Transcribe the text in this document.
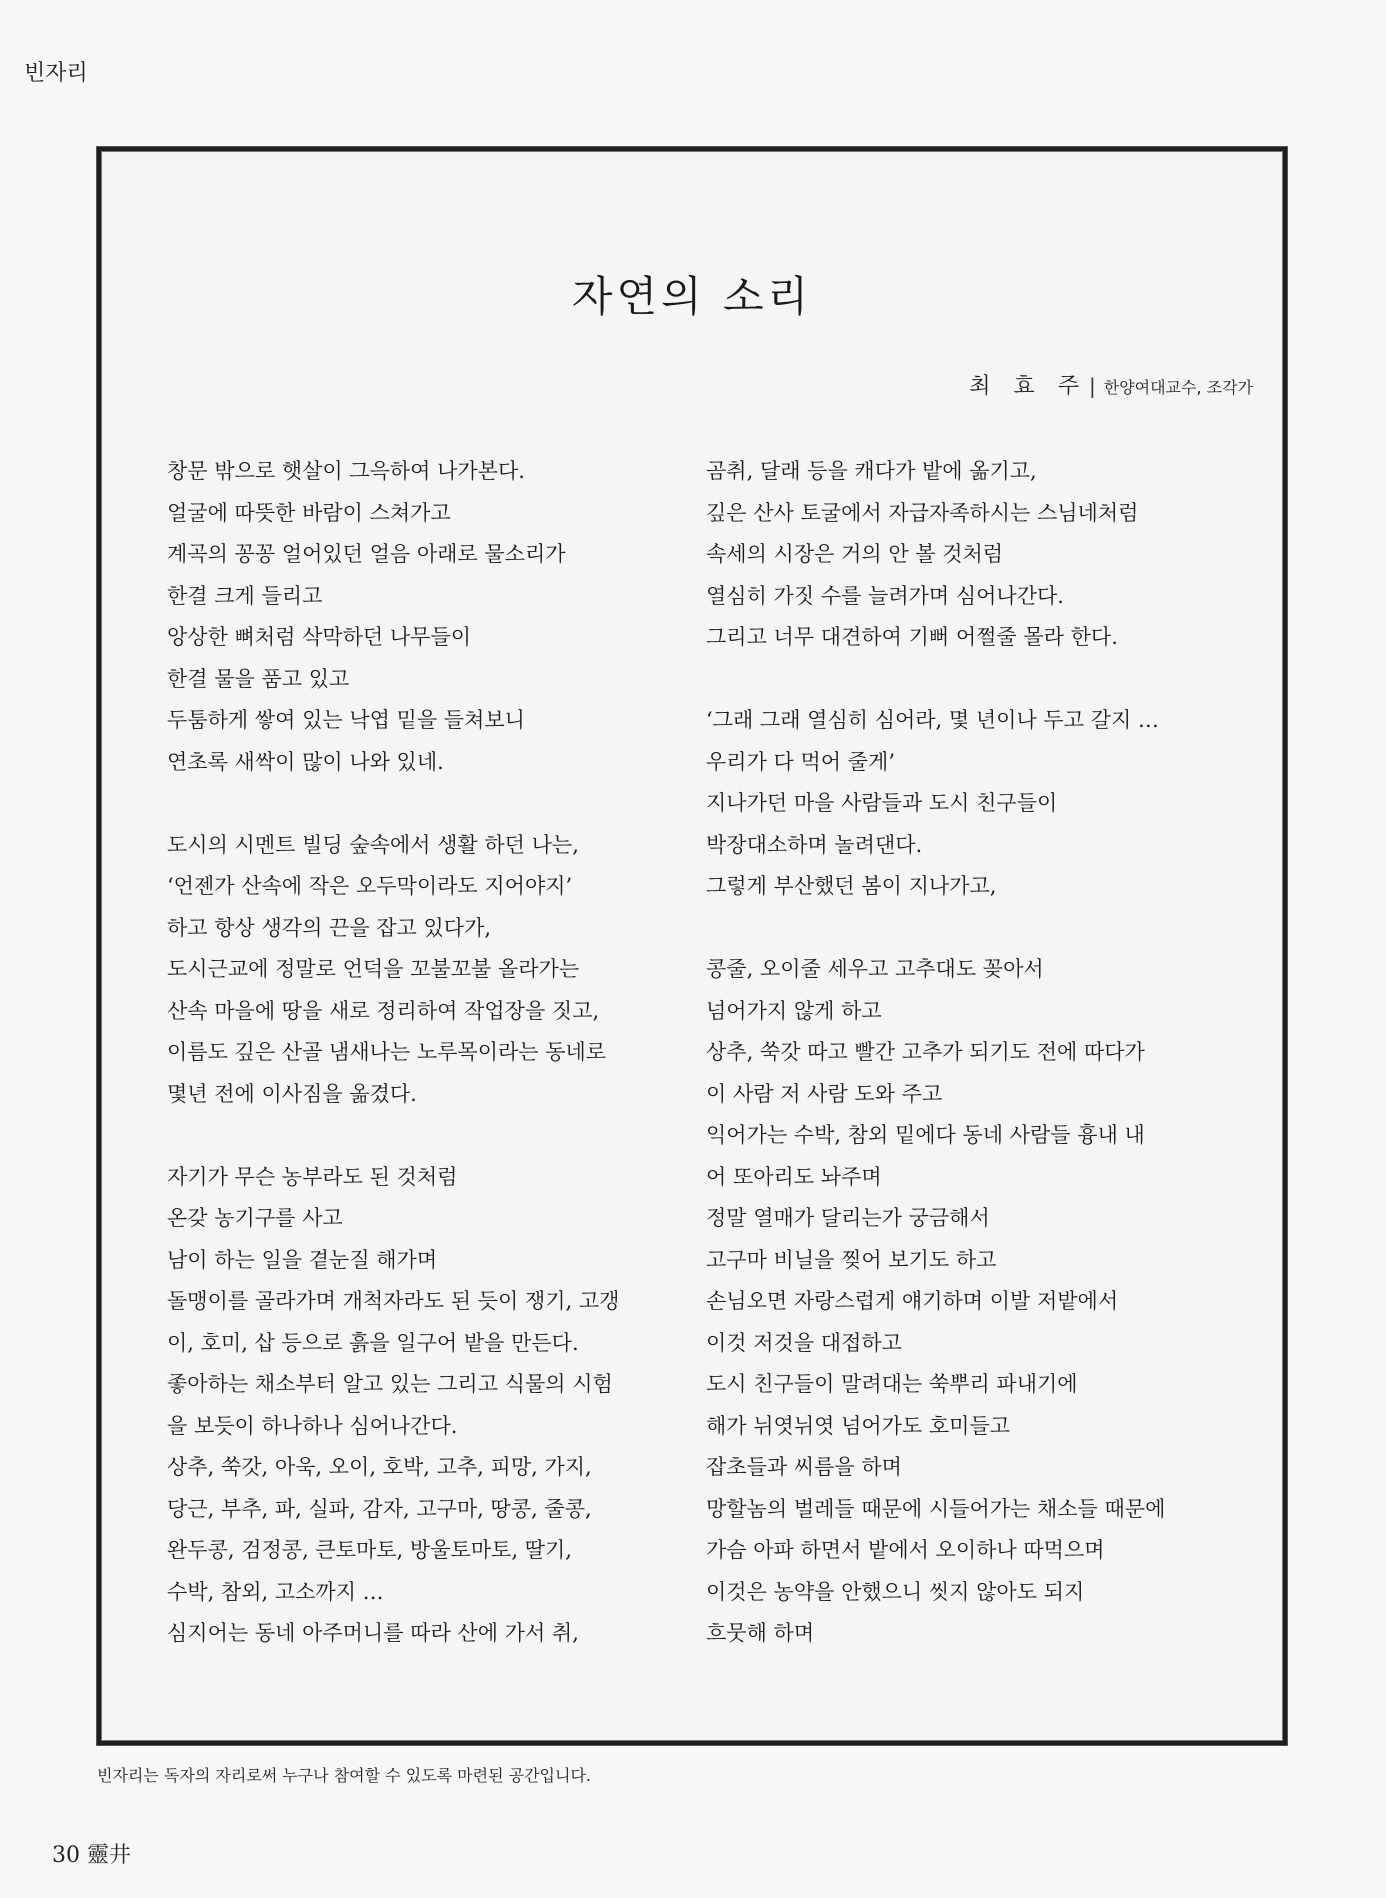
빈자리
자연의 소리
최 효 주 | 한양여대교수, 조각가

창문 밖으로 햇살이 그윽하여 나가본다.

얼굴에 따뜻한 바람이 스쳐가고

계곡의 꽁꽁 얼어있던 얼음 아래로 물소리가

한결 크게 들리고

앙상한 뼈처럼 삭막하던 나무들이

한결 물을 품고 있고

두툼하게 쌓여 있는 낙엽 밑을 들쳐보니

연초록 새싹이 많이 나와 있네.

도시의 시멘트 빌딩 숲속에서 생활 하던 나는,

‘언젠가 산속에 작은 오두막이라도 지어야지’

하고 항상 생각의 끈을 잡고 있다가,

도시근교에 정말로 언덕을 꼬불꼬불 올라가는

산속 마을에 땅을 새로 정리하여 작업장을 짓고,

이름도 깊은 산골 냄새나는 노루목이라는 동네로

몇년 전에 이사짐을 옮겼다.

자기가 무슨 농부라도 된 것처럼

온갖 농기구를 사고

남이 하는 일을 곁눈질 해가며

돌맹이를 골라가며 개척자라도 된 듯이 쟁기, 고갱

이, 호미, 삽 등으로 흙을 일구어 밭을 만든다.

좋아하는 채소부터 알고 있는 그리고 식물의 시험

을 보듯이 하나하나 심어나간다.

상추, 쑥갓, 아욱, 오이, 호박, 고추, 피망, 가지,

당근, 부추, 파, 실파, 감자, 고구마, 땅콩, 줄콩,

완두콩, 검정콩, 큰토마토, 방울토마토, 딸기,

수박, 참외, 고소까지 …

심지어는 동네 아주머니를 따라 산에 가서 취,

곰취, 달래 등을 캐다가 밭에 옮기고,

깊은 산사 토굴에서 자급자족하시는 스님네처럼

속세의 시장은 거의 안 볼 것처럼

열심히 가짓 수를 늘려가며 심어나간다.

그리고 너무 대견하여 기뻐 어쩔줄 몰라 한다.

‘그래 그래 열심히 심어라, 몇 년이나 두고 갈지 …

우리가 다 먹어 줄게’

지나가던 마을 사람들과 도시 친구들이

박장대소하며 놀려댄다.

그렇게 부산했던 봄이 지나가고,

콩줄, 오이줄 세우고 고추대도 꽂아서

넘어가지 않게 하고

상추, 쑥갓 따고 빨간 고추가 되기도 전에 따다가

이 사람 저 사람 도와 주고

익어가는 수박, 참외 밑에다 동네 사람들 흉내 내

어 또아리도 놔주며

정말 열매가 달리는가 궁금해서

고구마 비닐을 찢어 보기도 하고

손님오면 자랑스럽게 얘기하며 이발 저밭에서

이것 저것을 대접하고

도시 친구들이 말려대는 쑥뿌리 파내기에

해가 뉘엿뉘엿 넘어가도 호미들고

잡초들과 씨름을 하며

망할놈의 벌레들 때문에 시들어가는 채소들 때문에

가슴 아파 하면서 밭에서 오이하나 따먹으며

이것은 농약을 안했으니 씻지 않아도 되지

흐뭇해 하며

빈자리는 독자의 자리로써 누구나 참여할 수 있도록 마련된 공간입니다.
30 靈井
